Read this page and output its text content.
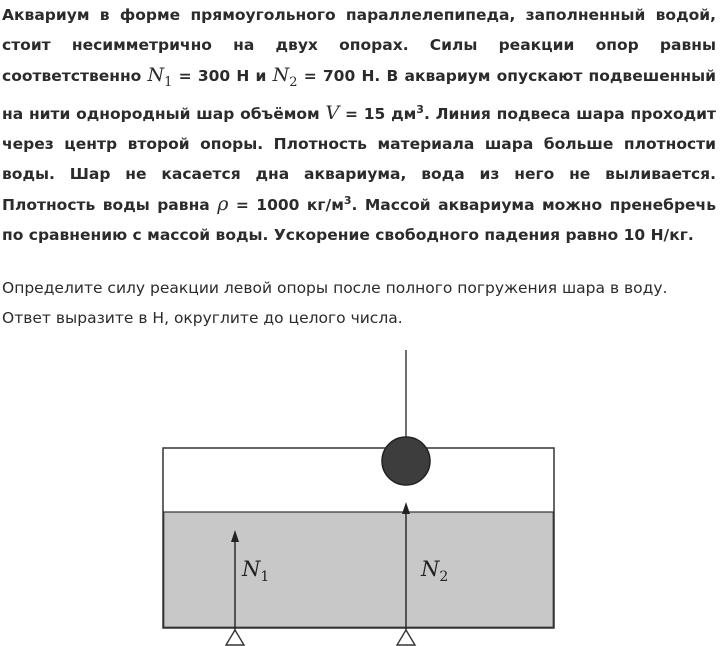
Аквариум в форме прямоугольного параллелепипеда, заполненный водой, стоит несимметрично на двух опорах. Силы реакции опор равны соответственно $N_1 = 300$ Н и $N_2 = 700$ Н. В аквариум опускают подвешенный на нити однородный шар объёмом V = 15 $дм^3$. Линия подвеса шара проходит через центр второй опоры. Плотность материала шара больше плотности воды. Шар не касается дна аквариума, вода из него не выливается. Плотность воды равна ρ = 1000 $кг/м^3$. Массой аквариума можно пренебречь по сравнению с массой воды. Ускорение свободного падения равно 10 Н/кг.
Определите силу реакции левой опоры после полного погружения шара в воду.
Ответ выразите в Н, округлите до целого числа.
$N_1$	$N_2$
